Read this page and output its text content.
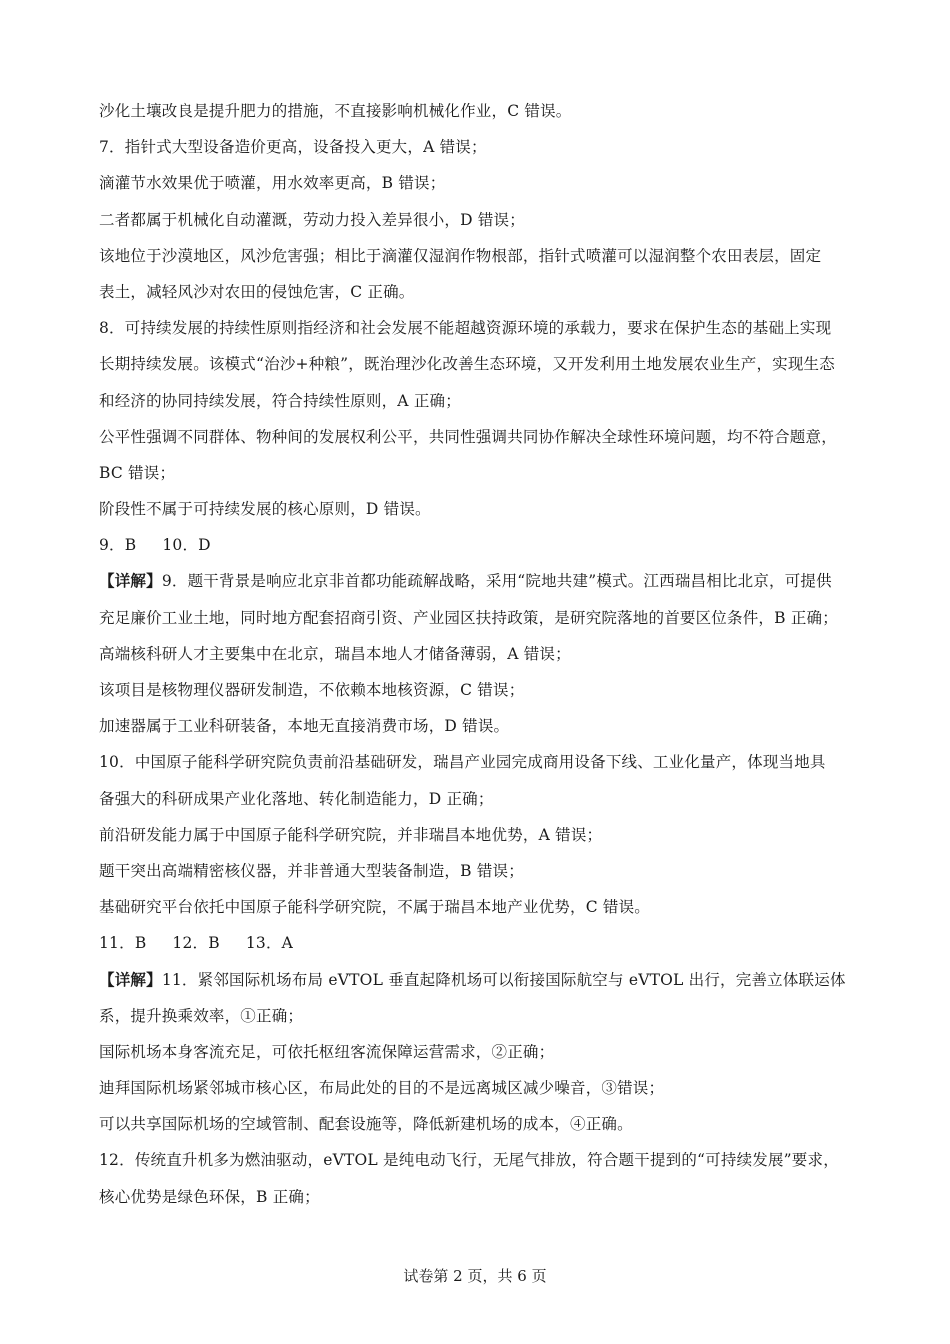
沙化土壤改良是提升肥力的措施，不直接影响机械化作业，C 错误。
7．指针式大型设备造价更高，设备投入更大，A 错误；
滴灌节水效果优于喷灌，用水效率更高，B 错误；
二者都属于机械化自动灌溉，劳动力投入差异很小，D 错误；
该地位于沙漠地区，风沙危害强；相比于滴灌仅湿润作物根部，指针式喷灌可以湿润整个农田表层，固定
表土，减轻风沙对农田的侵蚀危害，C 正确。
8．可持续发展的持续性原则指经济和社会发展不能超越资源环境的承载力，要求在保护生态的基础上实现
长期持续发展。该模式“治沙+种粮”，既治理沙化改善生态环境，又开发利用土地发展农业生产，实现生态
和经济的协同持续发展，符合持续性原则，A 正确；
公平性强调不同群体、物种间的发展权利公平，共同性强调共同协作解决全球性环境问题，均不符合题意，
BC 错误；
阶段性不属于可持续发展的核心原则，D 错误。
9．B 10．D
【详解】9．题干背景是响应北京非首都功能疏解战略，采用“院地共建”模式。江西瑞昌相比北京，可提供
充足廉价工业土地，同时地方配套招商引资、产业园区扶持政策，是研究院落地的首要区位条件，B 正确；
高端核科研人才主要集中在北京，瑞昌本地人才储备薄弱，A 错误；
该项目是核物理仪器研发制造，不依赖本地核资源，C 错误；
加速器属于工业科研装备，本地无直接消费市场，D 错误。
10．中国原子能科学研究院负责前沿基础研发，瑞昌产业园完成商用设备下线、工业化量产，体现当地具
备强大的科研成果产业化落地、转化制造能力，D 正确；
前沿研发能力属于中国原子能科学研究院，并非瑞昌本地优势，A 错误；
题干突出高端精密核仪器，并非普通大型装备制造，B 错误；
基础研究平台依托中国原子能科学研究院，不属于瑞昌本地产业优势，C 错误。
11．B 12．B 13．A
【详解】11．紧邻国际机场布局 eVTOL 垂直起降机场可以衔接国际航空与 eVTOL 出行，完善立体联运体
系，提升换乘效率，①正确；
国际机场本身客流充足，可依托枢纽客流保障运营需求，②正确；
迪拜国际机场紧邻城市核心区，布局此处的目的不是远离城区减少噪音，③错误；
可以共享国际机场的空域管制、配套设施等，降低新建机场的成本，④正确。
12．传统直升机多为燃油驱动，eVTOL 是纯电动飞行，无尾气排放，符合题干提到的“可持续发展”要求，
核心优势是绿色环保，B 正确；
试卷第 2 页，共 6 页
